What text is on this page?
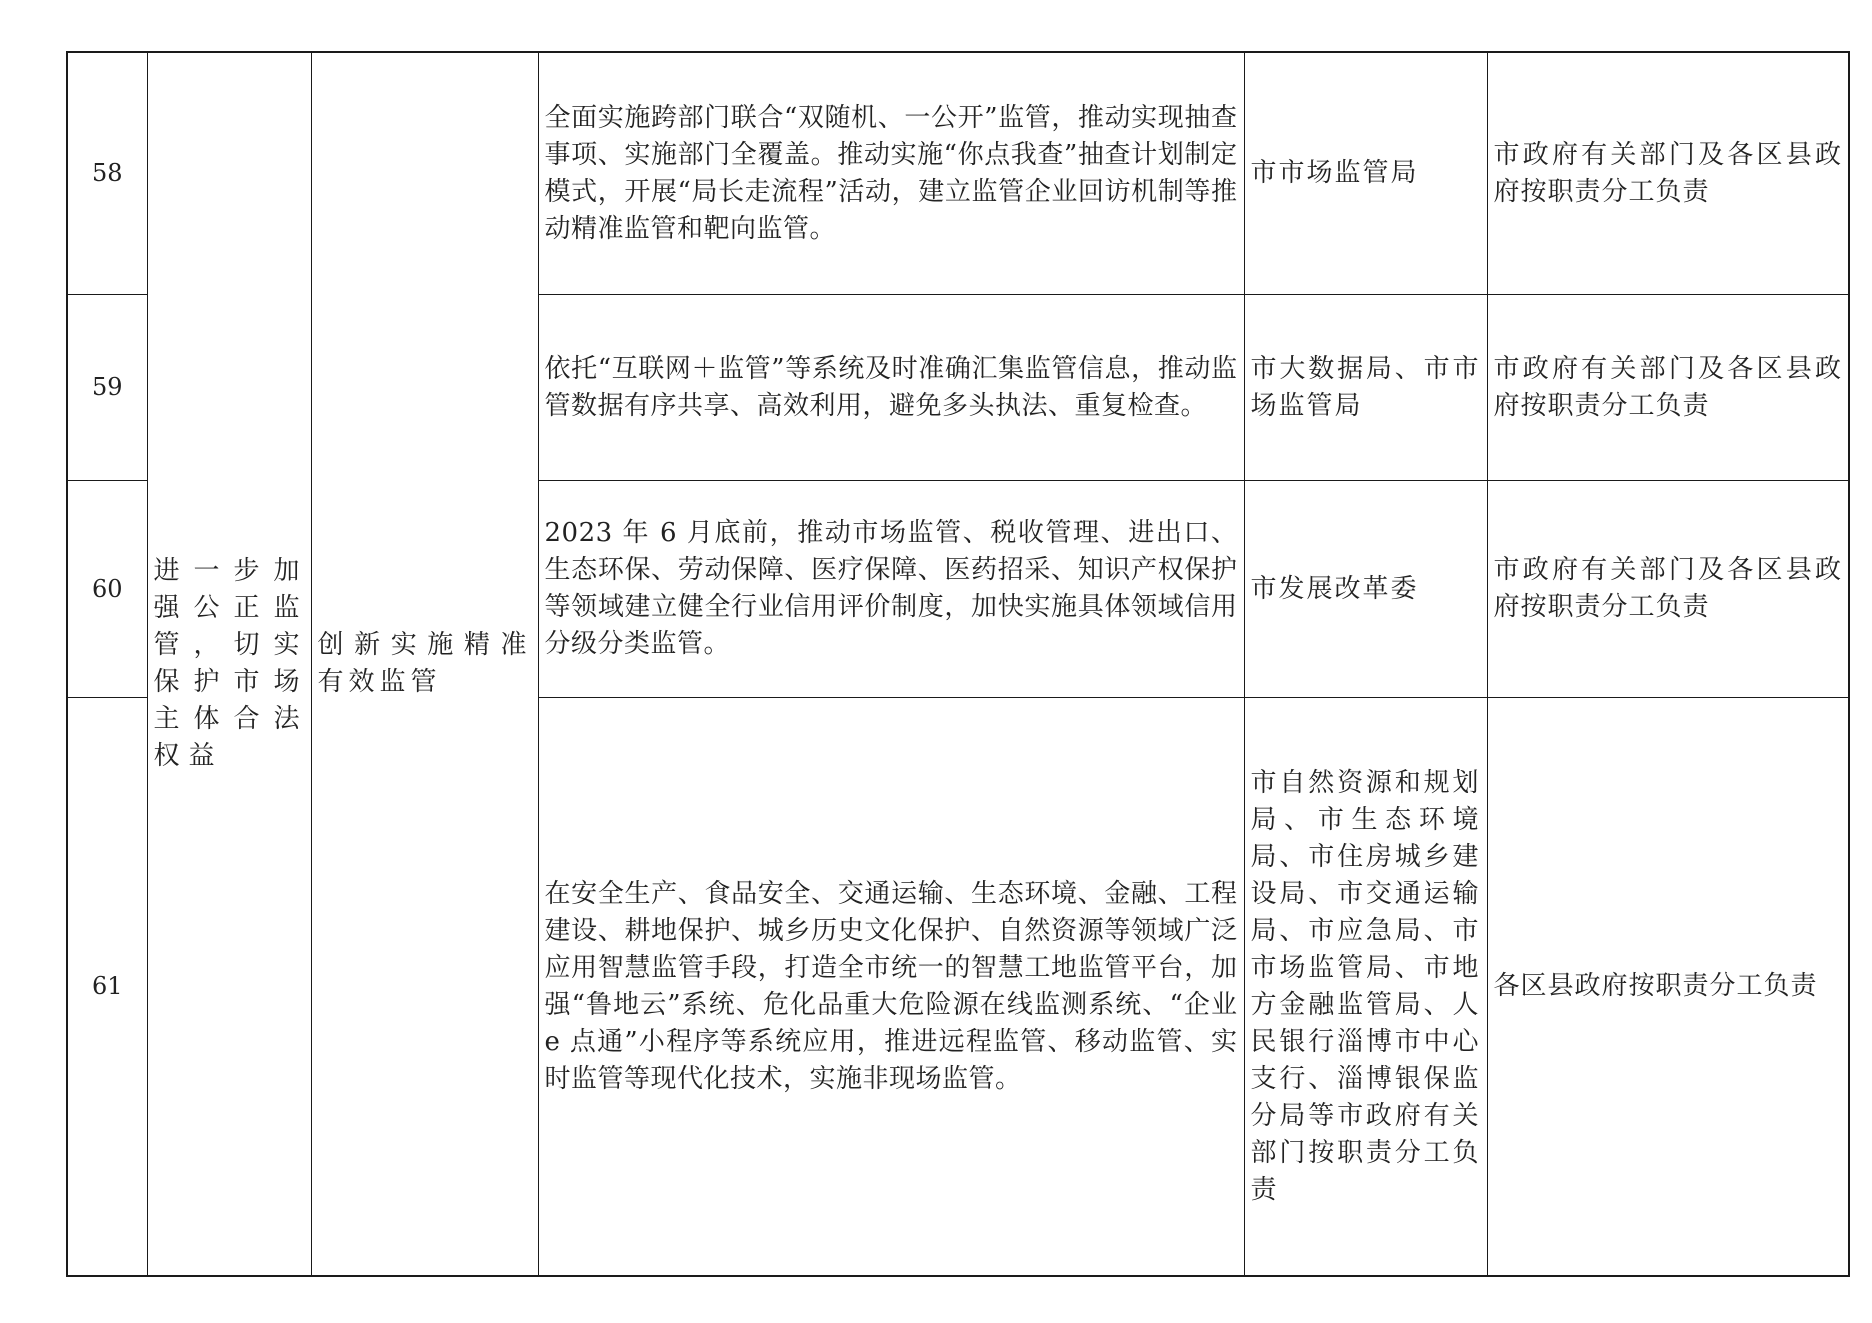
58	进一步加强公正监管，切实保护市场主体合法权益	创新实施精准有效监管	全面实施跨部门联合“双随机、一公开”监管，推动实现抽查事项、实施部门全覆盖。推动实施“你点我查”抽查计划制定模式，开展“局长走流程”活动，建立监管企业回访机制等推动精准监管和靶向监管。	市市场监管局	市政府有关部门及各区县政府按职责分工负责
59			依托“互联网＋监管”等系统及时准确汇集监管信息，推动监管数据有序共享、高效利用，避免多头执法、重复检查。	市大数据局、市市场监管局	市政府有关部门及各区县政府按职责分工负责
60			2023 年 6 月底前，推动市场监管、税收管理、进出口、生态环保、劳动保障、医疗保障、医药招采、知识产权保护等领域建立健全行业信用评价制度，加快实施具体领域信用分级分类监管。	市发展改革委	市政府有关部门及各区县政府按职责分工负责
61			在安全生产、食品安全、交通运输、生态环境、金融、工程建设、耕地保护、城乡历史文化保护、自然资源等领域广泛应用智慧监管手段，打造全市统一的智慧工地监管平台，加强“鲁地云”系统、危化品重大危险源在线监测系统、“企业 e 点通”小程序等系统应用，推进远程监管、移动监管、实时监管等现代化技术，实施非现场监管。	市自然资源和规划局、市生态环境局、市住房城乡建设局、市交通运输局、市应急局、市市场监管局、市地方金融监管局、人民银行淄博市中心支行、淄博银保监分局等市政府有关部门按职责分工负责	各区县政府按职责分工负责
